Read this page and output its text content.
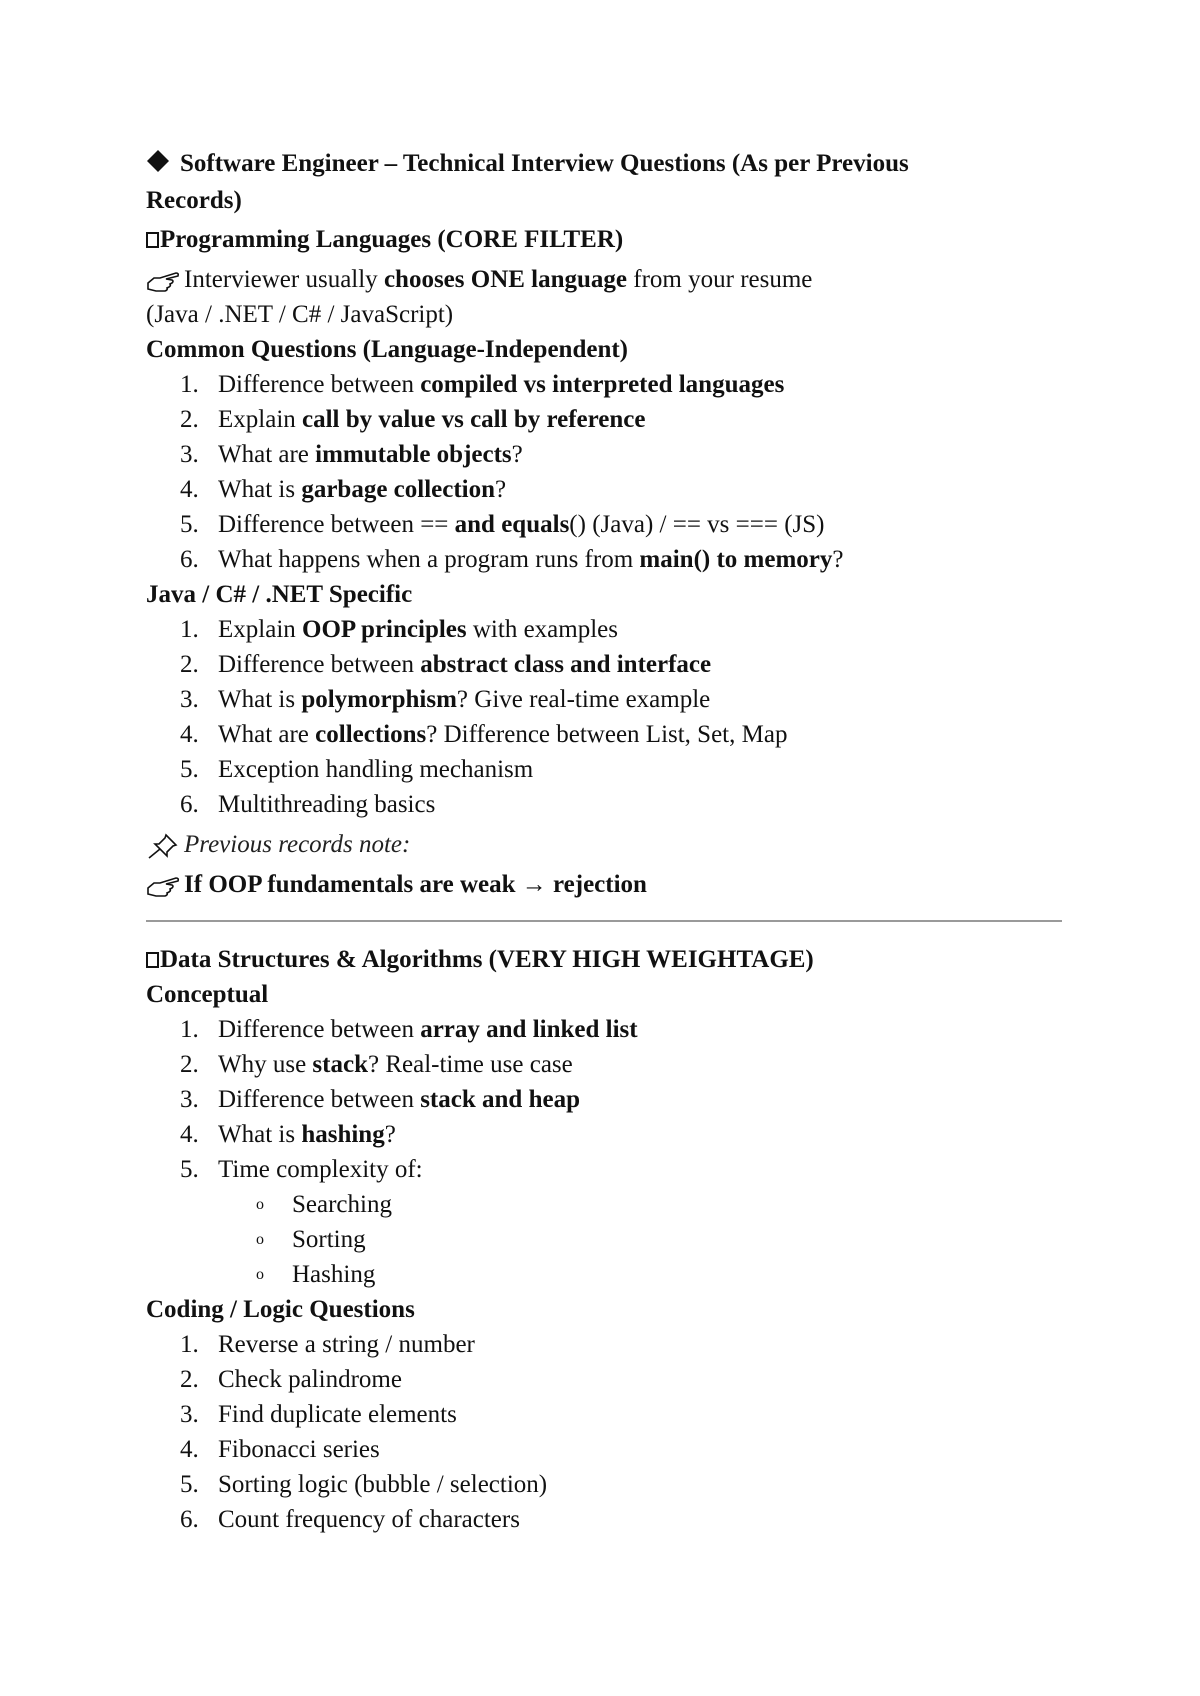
Software Engineer – Technical Interview Questions (As per Previous

Records)

Programming Languages (CORE FILTER)

Interviewer usually chooses ONE language from your resume

(Java / .NET / C# / JavaScript)

Common Questions (Language-Independent)

1. Difference between compiled vs interpreted languages
2. Explain call by value vs call by reference
3. What are immutable objects?
4. What is garbage collection?
5. Difference between == and equals() (Java) / == vs === (JS)
6. What happens when a program runs from main() to memory?

Java / C# / .NET Specific

1. Explain OOP principles with examples
2. Difference between abstract class and interface
3. What is polymorphism? Give real-time example
4. What are collections? Difference between List, Set, Map
5. Exception handling mechanism
6. Multithreading basics

Previous records note:

If OOP fundamentals are weak → rejection

Data Structures & Algorithms (VERY HIGH WEIGHTAGE)

Conceptual

1. Difference between array and linked list
2. Why use stack? Real-time use case
3. Difference between stack and heap
4. What is hashing?
5. Time complexity of:
o Searching
o Sorting
o Hashing

Coding / Logic Questions

1. Reverse a string / number
2. Check palindrome
3. Find duplicate elements
4. Fibonacci series
5. Sorting logic (bubble / selection)
6. Count frequency of characters
